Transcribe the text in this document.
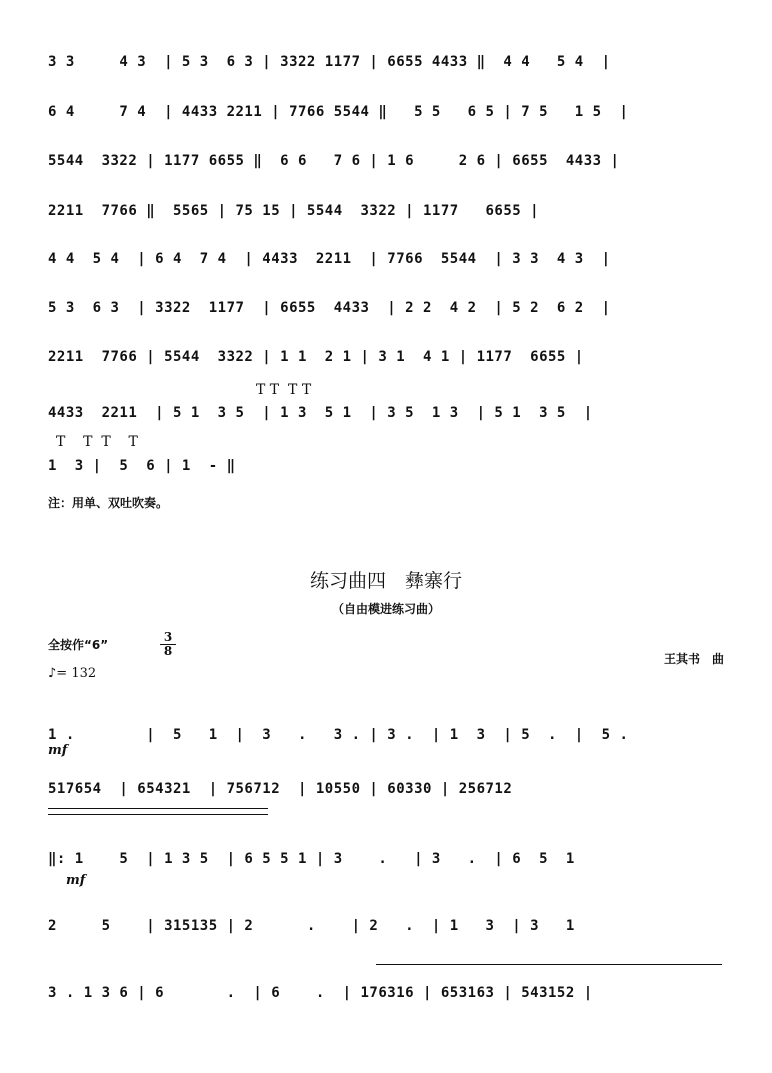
3 3     4 3  | 5 3  6 3 | 3322 1177 | 6655 4433 ‖  4 4   5 4  |
6 4     7 4  | 4433 2211 | 7766 5544 ‖   5 5   6 5 | 7 5   1 5  |
5544  3322 | 1177 6655 ‖  6 6   7 6 | 1 6     2 6 | 6655  4433 |
2211  7766 ‖  5565 | 75 15 | 5544  3322 | 1177   6655 |
4 4  5 4  | 6 4  7 4  | 4433  2211  | 7766  5544  | 3 3  4 3  |
5 3  6 3  | 3322  1177  | 6655  4433  | 2 2  4 2  | 5 2  6 2  |
2211  7766 | 5544  3322 | 1 1  2 1 | 3 1  4 1 | 1177  6655 |
T T  T T
4433  2211  | 5 1  3 5  | 1 3  5 1  | 3 5  1 3  | 5 1  3 5  |
T    T  T    T
1  3 |  5  6 | 1  - ‖
注：用单、双吐吹奏。
练习曲四　彝寨行
（自由模进练习曲）
全按作“6”
3
8
♪= 132
王其书　曲
1 .        |  5   1  |  3   .   3 . | 3 .  | 1  3  | 5  .  |  5 .
mf
517654  | 654321  | 756712  | 10550 | 60330 | 256712
‖: 1    5  | 1 3 5  | 6 5 5 1 | 3    .   | 3   .  | 6  5  1
mf
2     5    | 315135 | 2      .    | 2   .  | 1   3  | 3   1
3 . 1 3 6 | 6       .  | 6    .  | 176316 | 653163 | 543152 |
